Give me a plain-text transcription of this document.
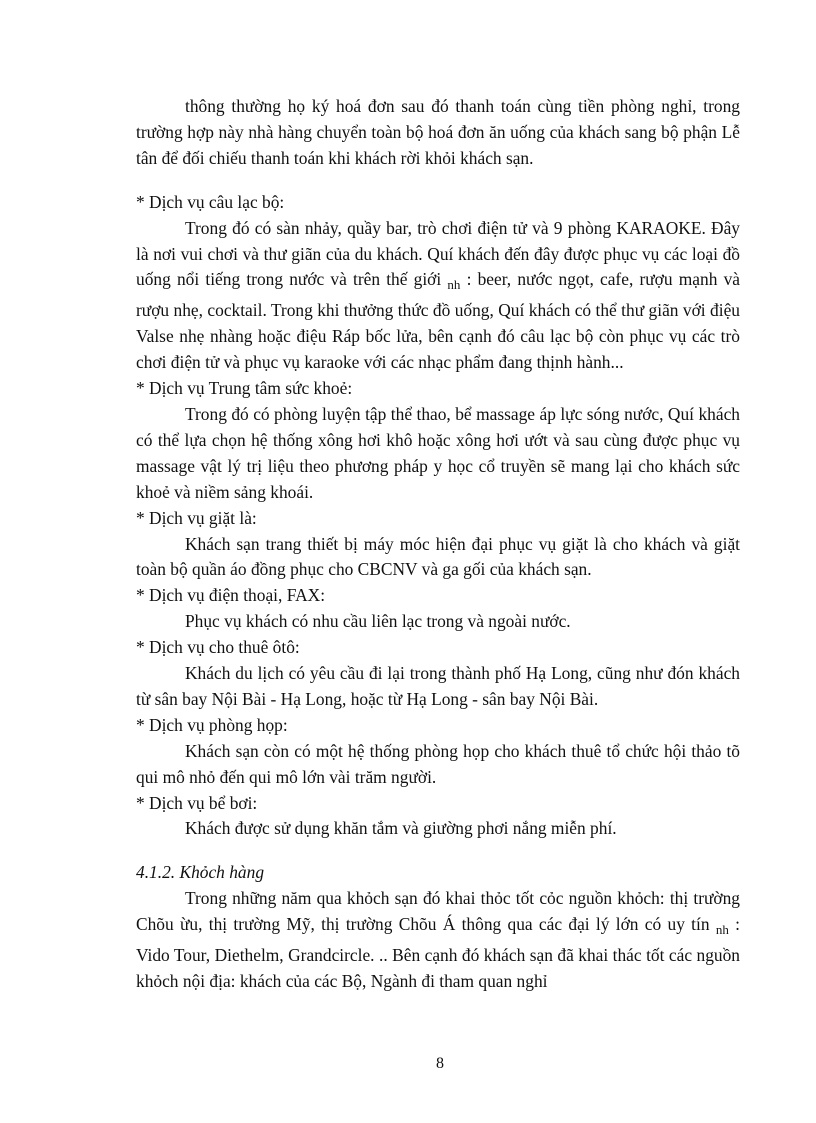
thông thường họ ký hoá đơn sau đó thanh toán cùng tiền phòng nghỉ, trong trường hợp này nhà hàng chuyển toàn bộ hoá đơn ăn uống của khách sang bộ phận Lễ tân để đối chiếu thanh toán khi khách rời khỏi khách sạn.

* Dịch vụ câu lạc bộ:

Trong đó có sàn nhảy, quầy bar, trò chơi điện tử và 9 phòng KARAOKE. Đây là nơi vui chơi và thư giãn của du khách. Quí khách đến đây được phục vụ các loại đồ uống nổi tiếng trong nước và trên thế giới $_{nh}$ : beer, nước ngọt, cafe, rượu mạnh và rượu nhẹ, cocktail. Trong khi thưởng thức đồ uống, Quí khách có thể thư giãn với điệu Valse nhẹ nhàng hoặc điệu Ráp bốc lửa, bên cạnh đó câu lạc bộ còn phục vụ các trò chơi điện tử và phục vụ karaoke với các nhạc phẩm đang thịnh hành...

* Dịch vụ Trung tâm sức khoẻ:

Trong đó có phòng luyện tập thể thao, bể massage áp lực sóng nước, Quí khách có thể lựa chọn hệ thống xông hơi khô hoặc xông hơi ướt và sau cùng được phục vụ massage vật lý trị liệu theo phương pháp y học cổ truyền sẽ mang lại cho khách sức khoẻ và niềm sảng khoái.

* Dịch vụ giặt là:

Khách sạn trang thiết bị máy móc hiện đại phục vụ giặt là cho khách và giặt toàn bộ quần áo đồng phục cho CBCNV và ga gối của khách sạn.

* Dịch vụ điện thoại, FAX:

Phục vụ khách có nhu cầu liên lạc trong và ngoài nước.

* Dịch vụ cho thuê ôtô:

Khách du lịch có yêu cầu đi lại trong thành phố Hạ Long, cũng như đón khách từ sân bay Nội Bài - Hạ Long, hoặc từ Hạ Long - sân bay Nội Bài.

* Dịch vụ phòng họp:

Khách sạn còn có một hệ thống phòng họp cho khách thuê tổ chức hội thảo tõ qui mô nhỏ đến qui mô lớn vài trăm người.

* Dịch vụ bể bơi:

Khách được sử dụng khăn tắm và giường phơi nắng miễn phí.

4.1.2. Khỏch hàng

Trong những năm qua khỏch sạn đó khai thỏc tốt cỏc nguồn khỏch: thị trường Chõu ừu, thị trường Mỹ, thị trường Chõu Á thông qua các đại lý lớn có uy tín $_{nh}$ : Vido Tour, Diethelm, Grandcircle. .. Bên cạnh đó khách sạn đã khai thác tốt các nguồn khỏch nội địa: khách của các Bộ, Ngành đi tham quan nghỉ

8
